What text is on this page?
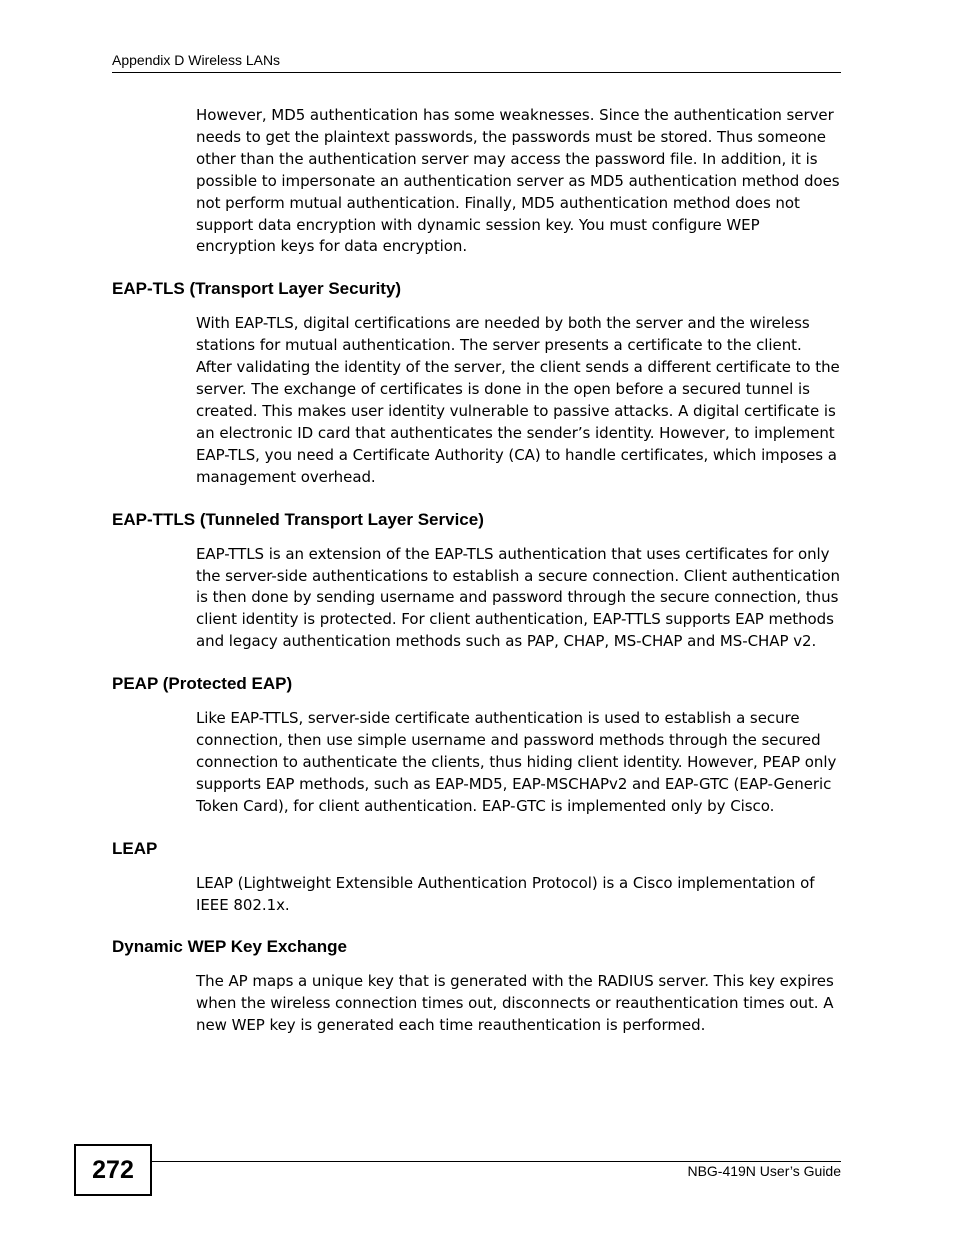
Appendix D Wireless LANs

However, MD5 authentication has some weaknesses. Since the authentication server needs to get the plaintext passwords, the passwords must be stored. Thus someone other than the authentication server may access the password file. In addition, it is possible to impersonate an authentication server as MD5 authentication method does not perform mutual authentication. Finally, MD5 authentication method does not support data encryption with dynamic session key. You must configure WEP encryption keys for data encryption.

EAP-TLS (Transport Layer Security)

With EAP-TLS, digital certifications are needed by both the server and the wireless stations for mutual authentication. The server presents a certificate to the client. After validating the identity of the server, the client sends a different certificate to the server. The exchange of certificates is done in the open before a secured tunnel is created. This makes user identity vulnerable to passive attacks. A digital certificate is an electronic ID card that authenticates the sender’s identity. However, to implement EAP-TLS, you need a Certificate Authority (CA) to handle certificates, which imposes a management overhead.

EAP-TTLS (Tunneled Transport Layer Service)

EAP-TTLS is an extension of the EAP-TLS authentication that uses certificates for only the server-side authentications to establish a secure connection. Client authentication is then done by sending username and password through the secure connection, thus client identity is protected. For client authentication, EAP-TTLS supports EAP methods and legacy authentication methods such as PAP, CHAP, MS-CHAP and MS-CHAP v2.

PEAP (Protected EAP)

Like EAP-TTLS, server-side certificate authentication is used to establish a secure connection, then use simple username and password methods through the secured connection to authenticate the clients, thus hiding client identity. However, PEAP only supports EAP methods, such as EAP-MD5, EAP-MSCHAPv2 and EAP-GTC (EAP-Generic Token Card), for client authentication. EAP-GTC is implemented only by Cisco.

LEAP

LEAP (Lightweight Extensible Authentication Protocol) is a Cisco implementation of IEEE 802.1x.

Dynamic WEP Key Exchange

The AP maps a unique key that is generated with the RADIUS server. This key expires when the wireless connection times out, disconnects or reauthentication times out. A new WEP key is generated each time reauthentication is performed.

272	NBG-419N User’s Guide
